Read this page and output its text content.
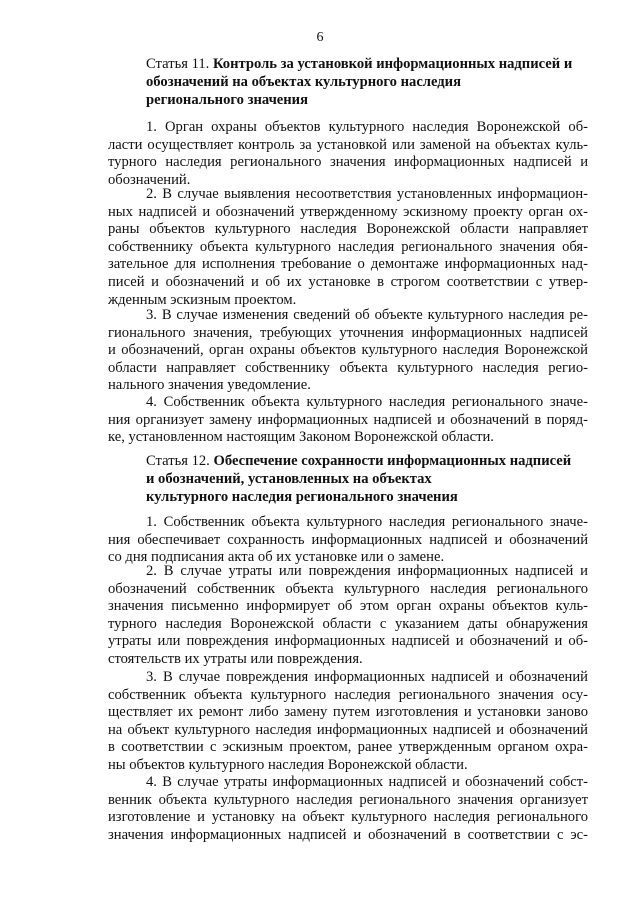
6
Статья 11. Контроль за установкой информационных надписей и
обозначений на объектах культурного наследия
регионального значения

1. Орган охраны объектов культурного наследия Воронежской об-
ласти осуществляет контроль за установкой или заменой на объектах куль-
турного наследия регионального значения информационных надписей и
обозначений.

2. В случае выявления несоответствия установленных информацион-
ных надписей и обозначений утвержденному эскизному проекту орган ох-
раны объектов культурного наследия Воронежской области направляет
собственнику объекта культурного наследия регионального значения обя-
зательное для исполнения требование о демонтаже информационных над-
писей и обозначений и об их установке в строгом соответствии с утвер-
жденным эскизным проектом.

3. В случае изменения сведений об объекте культурного наследия ре-
гионального значения, требующих уточнения информационных надписей
и обозначений, орган охраны объектов культурного наследия Воронежской
области направляет собственнику объекта культурного наследия регио-
нального значения уведомление.

4. Собственник объекта культурного наследия регионального значе-
ния организует замену информационных надписей и обозначений в поряд-
ке, установленном настоящим Законом Воронежской области.

Статья 12. Обеспечение сохранности информационных надписей
и обозначений, установленных на объектах
культурного наследия регионального значения

1. Собственник объекта культурного наследия регионального значе-
ния обеспечивает сохранность информационных надписей и обозначений
со дня подписания акта об их установке или о замене.

2. В случае утраты или повреждения информационных надписей и
обозначений собственник объекта культурного наследия регионального
значения письменно информирует об этом орган охраны объектов куль-
турного наследия Воронежской области с указанием даты обнаружения
утраты или повреждения информационных надписей и обозначений и об-
стоятельств их утраты или повреждения.

3. В случае повреждения информационных надписей и обозначений
собственник объекта культурного наследия регионального значения осу-
ществляет их ремонт либо замену путем изготовления и установки заново
на объект культурного наследия информационных надписей и обозначений
в соответствии с эскизным проектом, ранее утвержденным органом охра-
ны объектов культурного наследия Воронежской области.

4. В случае утраты информационных надписей и обозначений собст-
венник объекта культурного наследия регионального значения организует
изготовление и установку на объект культурного наследия регионального
значения информационных надписей и обозначений в соответствии с эс-
